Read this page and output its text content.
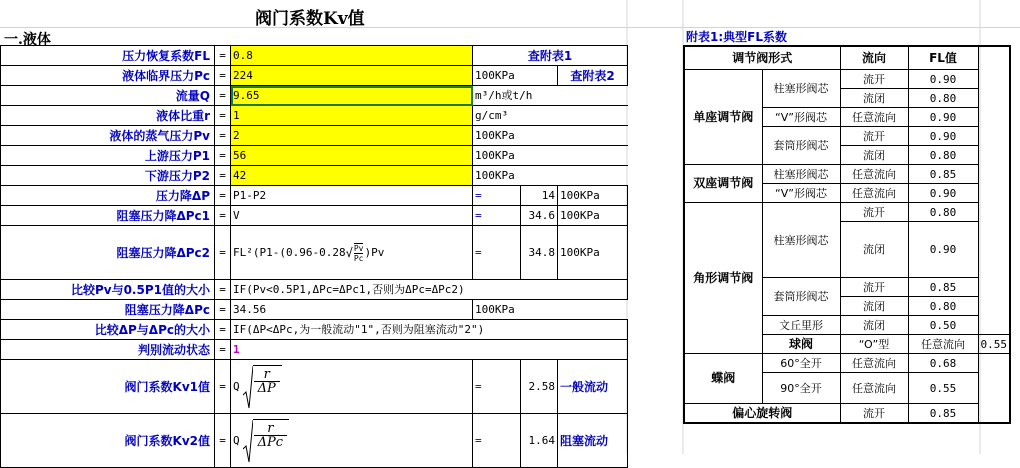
阀门系数Kv值
一.液体
压力恢复系数FL	=	0.8	查附表1		
液体临界压力Pc	=	224	100KPa		查附表2
流量Q	=	9.65	m³/h或t/h		
液体比重r	=	1	g/cm³		
液体的蒸气压力Pv	=	2	100KPa		
上游压力P1	=	56	100KPa		
下游压力P2	=	42	100KPa		
压力降ΔP	=	P1-P2	=	14	100KPa
阻塞压力降ΔPc1	=	V	=	34.6	100KPa
阻塞压力降ΔPc2	=	FL²(P1-(0.96-0.28 √ $\frac{Pv}{Pc} )Pv$	=	34.8	100KPa
比较Pv与0.5P1值的大小	=	IF(Pv<0.5P1,ΔPc=ΔPc1,否则为ΔPc=ΔPc2)			
阻塞压力降ΔPc	=	34.56	100KPa		
比较ΔP与ΔPc的大小	=	IF(ΔP<ΔPc,为一般流动"1",否则为阻塞流动"2")			
判别流动状态	=	1			
阀门系数Kv1值	=	Q $\frac{r}{\Delta P}$	=	2.58	一般流动
阀门系数Kv2值	=	Q $\frac{r}{\text{ΔPc}}$	=	1.64	阻塞流动
附表1:典型FL系数
调节阀形式		流向	FL值	
单座调节阀	柱塞形阀芯	流开	0.90	
		流闭	0.80	
	“V”形阀芯	任意流向	0.90	
	套筒形阀芯	流开	0.90	
		流闭	0.80	
双座调节阀	柱塞形阀芯	任意流向	0.85	
	“V”形阀芯	任意流向	0.90	
角形调节阀	柱塞形阀芯	流开	0.80	
		流闭	0.90	
	套筒形阀芯	流开	0.85	
		流闭	0.80	
	文丘里形	流闭	0.50	
	球阀	“O”型	任意流向	0.55
蝶阀	60°全开	任意流向	0.68	
	90°全开	任意流向	0.55	
偏心旋转阀		流开	0.85	
